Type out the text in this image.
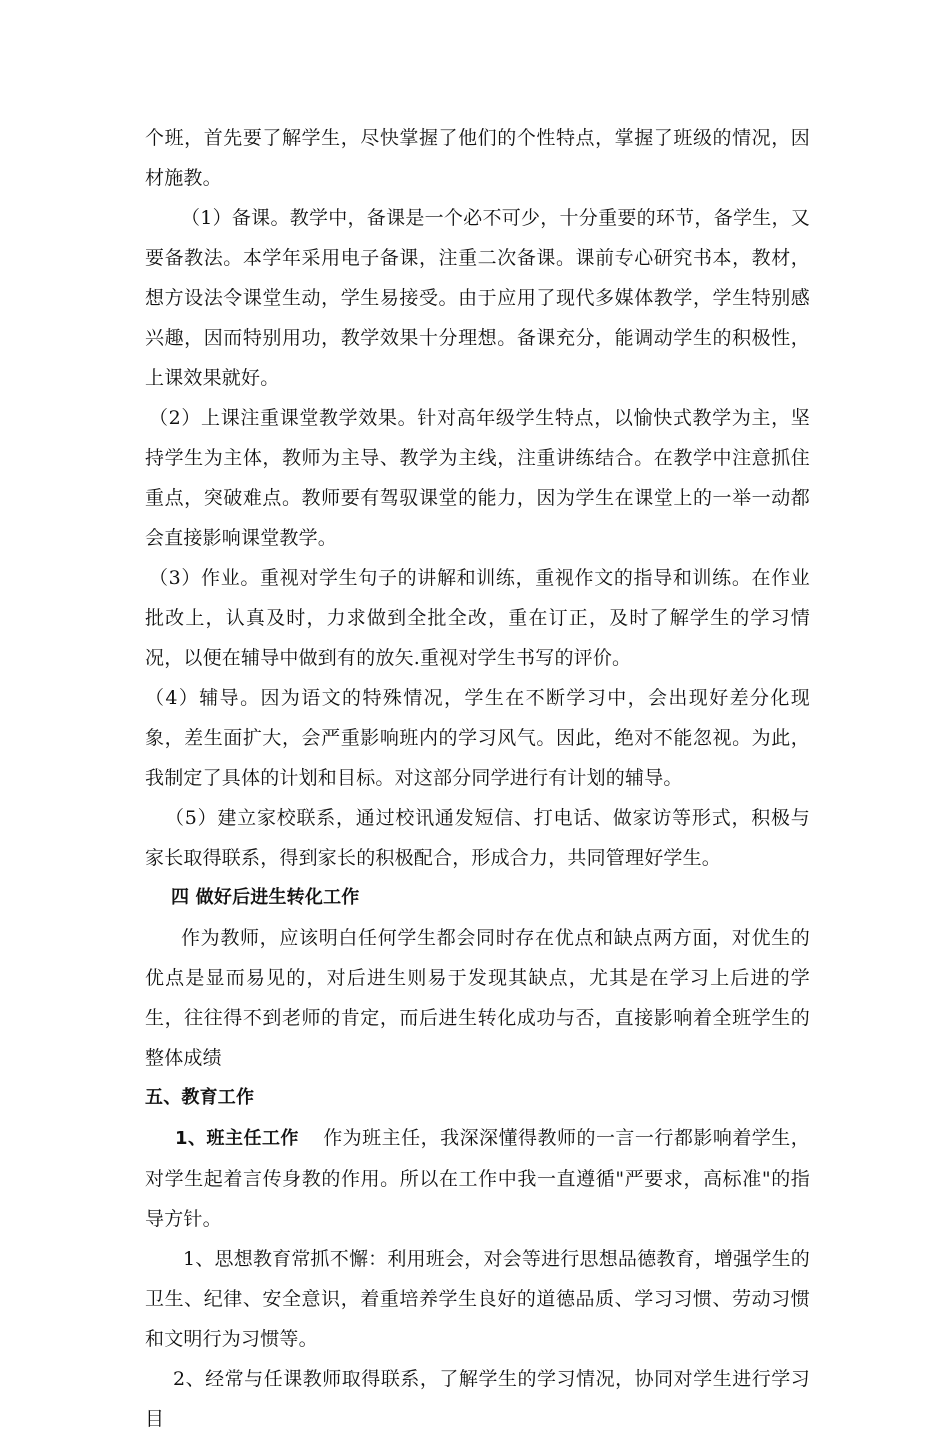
个班，首先要了解学生，尽快掌握了他们的个性特点，掌握了班级的情况，因材施教。

（1）备课。教学中，备课是一个必不可少，十分重要的环节，备学生，又要备教法。本学年采用电子备课，注重二次备课。课前专心研究书本，教材，想方设法令课堂生动，学生易接受。由于应用了现代多媒体教学，学生特别感兴趣，因而特别用功，教学效果十分理想。备课充分，能调动学生的积极性，上课效果就好。

（2）上课注重课堂教学效果。针对高年级学生特点，以愉快式教学为主，坚持学生为主体，教师为主导、教学为主线，注重讲练结合。在教学中注意抓住重点，突破难点。教师要有驾驭课堂的能力，因为学生在课堂上的一举一动都会直接影响课堂教学。

（3）作业。重视对学生句子的讲解和训练，重视作文的指导和训练。在作业批改上，认真及时，力求做到全批全改，重在订正，及时了解学生的学习情况，以便在辅导中做到有的放矢.重视对学生书写的评价。

（4）辅导。因为语文的特殊情况，学生在不断学习中，会出现好差分化现象，差生面扩大，会严重影响班内的学习风气。因此，绝对不能忽视。为此，我制定了具体的计划和目标。对这部分同学进行有计划的辅导。

（5）建立家校联系，通过校讯通发短信、打电话、做家访等形式，积极与家长取得联系，得到家长的积极配合，形成合力，共同管理好学生。

四 做好后进生转化工作

作为教师，应该明白任何学生都会同时存在优点和缺点两方面，对优生的优点是显而易见的，对后进生则易于发现其缺点，尤其是在学习上后进的学生，往往得不到老师的肯定，而后进生转化成功与否，直接影响着全班学生的整体成绩

五、教育工作

1、班主任工作 作为班主任，我深深懂得教师的一言一行都影响着学生，对学生起着言传身教的作用。所以在工作中我一直遵循"严要求，高标准"的指导方针。

1、思想教育常抓不懈：利用班会，对会等进行思想品德教育，增强学生的卫生、纪律、安全意识，着重培养学生良好的道德品质、学习习惯、劳动习惯和文明行为习惯等。

2、经常与任课教师取得联系，了解学生的学习情况，协同对学生进行学习目
